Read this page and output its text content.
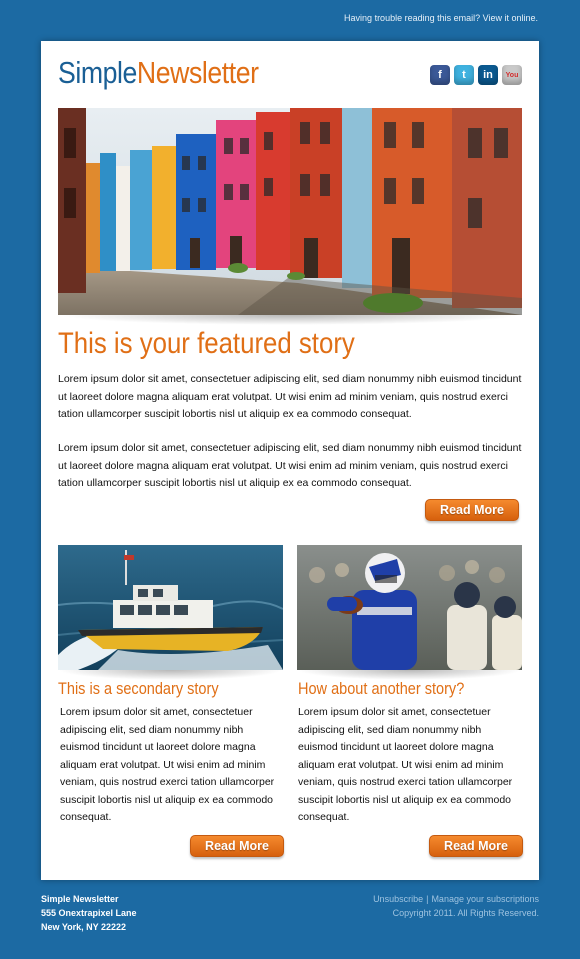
Having trouble reading this email? View it online.
SimpleNewsletter	f	t	in	You
This is your featured story
Lorem ipsum dolor sit amet, consectetuer adipiscing elit, sed diam nonummy nibh euismod tincidunt ut laoreet dolore magna aliquam erat volutpat. Ut wisi enim ad minim veniam, quis nostrud exerci tation ullamcorper suscipit lobortis nisl ut aliquip ex ea commodo consequat.
Lorem ipsum dolor sit amet, consectetuer adipiscing elit, sed diam nonummy nibh euismod tincidunt ut laoreet dolore magna aliquam erat volutpat. Ut wisi enim ad minim veniam, quis nostrud exerci tation ullamcorper suscipit lobortis nisl ut aliquip ex ea commodo consequat.
Read More
This is a secondary story
Lorem ipsum dolor sit amet, consectetuer adipiscing elit, sed diam nonummy nibh euismod tincidunt ut laoreet dolore magna aliquam erat volutpat. Ut wisi enim ad minim veniam, quis nostrud exerci tation ullamcorper suscipit lobortis nisl ut aliquip ex ea commodo consequat.
Read More
How about another story?
Lorem ipsum dolor sit amet, consectetuer adipiscing elit, sed diam nonummy nibh euismod tincidunt ut laoreet dolore magna aliquam erat volutpat. Ut wisi enim ad minim veniam, quis nostrud exerci tation ullamcorper suscipit lobortis nisl ut aliquip ex ea commodo consequat.
Read More
Simple Newsletter
555 Onextrapixel Lane
New York, NY 22222
Unsubscribe | Manage your subscriptions
Copyright 2011. All Rights Reserved.
